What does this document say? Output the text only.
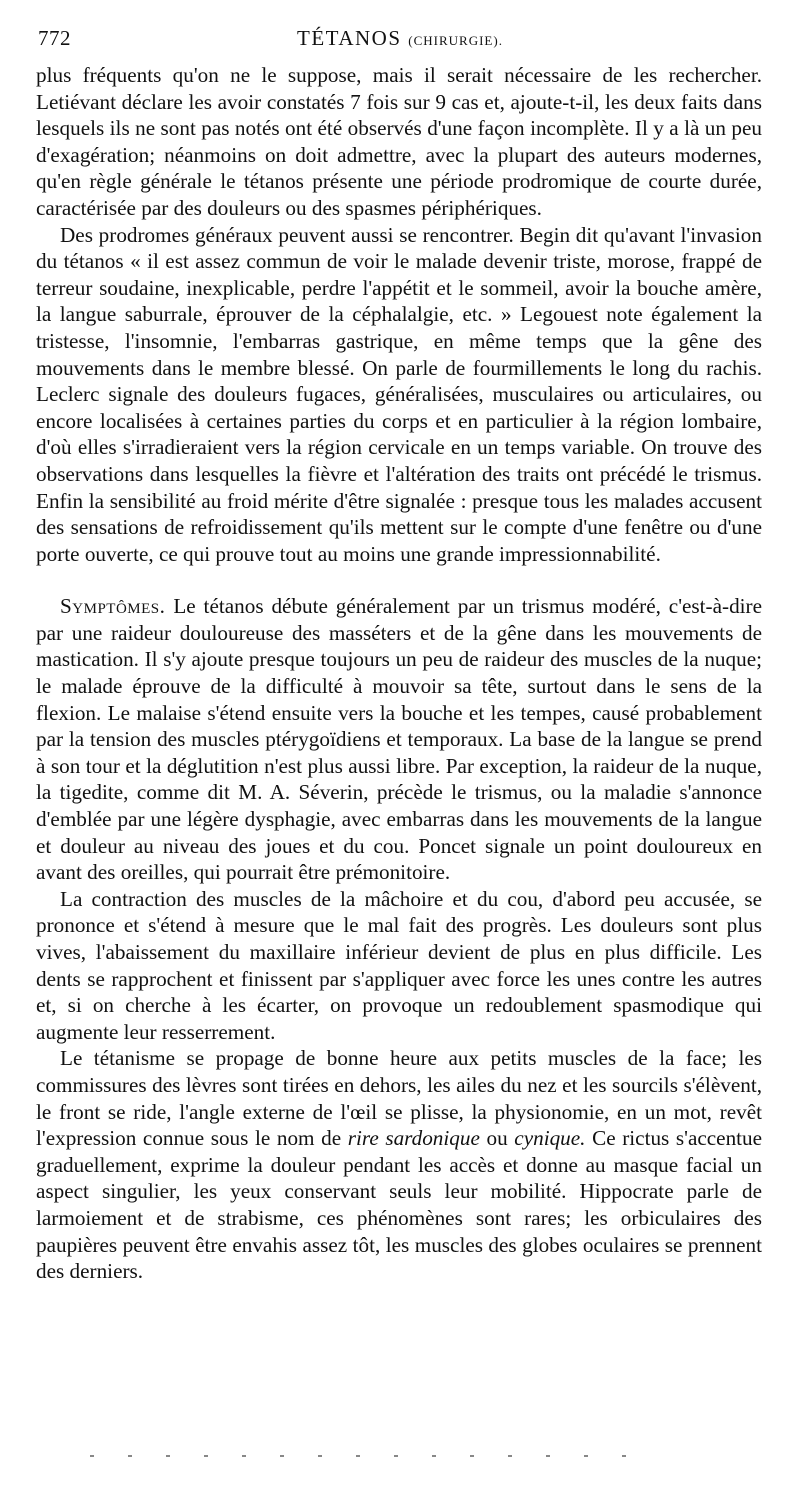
772	TÉTANOS (CHIRURGIE).

plus fréquents qu'on ne le suppose, mais il serait nécessaire de les rechercher. Letiévant déclare les avoir constatés 7 fois sur 9 cas et, ajoute-t-il, les deux faits dans lesquels ils ne sont pas notés ont été observés d'une façon incomplète. Il y a là un peu d'exagération; néanmoins on doit admettre, avec la plupart des auteurs modernes, qu'en règle générale le tétanos présente une période prodromique de courte durée, caractérisée par des douleurs ou des spasmes périphériques.

Des prodromes généraux peuvent aussi se rencontrer. Begin dit qu'avant l'invasion du tétanos « il est assez commun de voir le malade devenir triste, morose, frappé de terreur soudaine, inexplicable, perdre l'appétit et le sommeil, avoir la bouche amère, la langue saburrale, éprouver de la céphalalgie, etc. » Legouest note également la tristesse, l'insomnie, l'embarras gastrique, en même temps que la gêne des mouvements dans le membre blessé. On parle de fourmillements le long du rachis. Leclerc signale des douleurs fugaces, généralisées, musculaires ou articulaires, ou encore localisées à certaines parties du corps et en particulier à la région lombaire, d'où elles s'irradieraient vers la région cervicale en un temps variable. On trouve des observations dans lesquelles la fièvre et l'altération des traits ont précédé le trismus. Enfin la sensibilité au froid mérite d'être signalée : presque tous les malades accusent des sensations de refroidissement qu'ils mettent sur le compte d'une fenêtre ou d'une porte ouverte, ce qui prouve tout au moins une grande impressionnabilité.

Symptômes. Le tétanos débute généralement par un trismus modéré, c'est-à-dire par une raideur douloureuse des masséters et de la gêne dans les mouvements de mastication. Il s'y ajoute presque toujours un peu de raideur des muscles de la nuque; le malade éprouve de la difficulté à mouvoir sa tête, surtout dans le sens de la flexion. Le malaise s'étend ensuite vers la bouche et les tempes, causé probablement par la tension des muscles ptérygoïdiens et temporaux. La base de la langue se prend à son tour et la déglutition n'est plus aussi libre. Par exception, la raideur de la nuque, la tigedite, comme dit M. A. Séverin, précède le trismus, ou la maladie s'annonce d'emblée par une légère dysphagie, avec embarras dans les mouvements de la langue et douleur au niveau des joues et du cou. Poncet signale un point douloureux en avant des oreilles, qui pourrait être prémonitoire.

La contraction des muscles de la mâchoire et du cou, d'abord peu accusée, se prononce et s'étend à mesure que le mal fait des progrès. Les douleurs sont plus vives, l'abaissement du maxillaire inférieur devient de plus en plus difficile. Les dents se rapprochent et finissent par s'appliquer avec force les unes contre les autres et, si on cherche à les écarter, on provoque un redoublement spasmodique qui augmente leur resserrement.

Le tétanisme se propage de bonne heure aux petits muscles de la face; les commissures des lèvres sont tirées en dehors, les ailes du nez et les sourcils s'élèvent, le front se ride, l'angle externe de l'œil se plisse, la physionomie, en un mot, revêt l'expression connue sous le nom de rire sardonique ou cynique. Ce rictus s'accentue graduellement, exprime la douleur pendant les accès et donne au masque facial un aspect singulier, les yeux conservant seuls leur mobilité. Hippocrate parle de larmoiement et de strabisme, ces phénomènes sont rares; les orbiculaires des paupières peuvent être envahis assez tôt, les muscles des globes oculaires se prennent des derniers.
